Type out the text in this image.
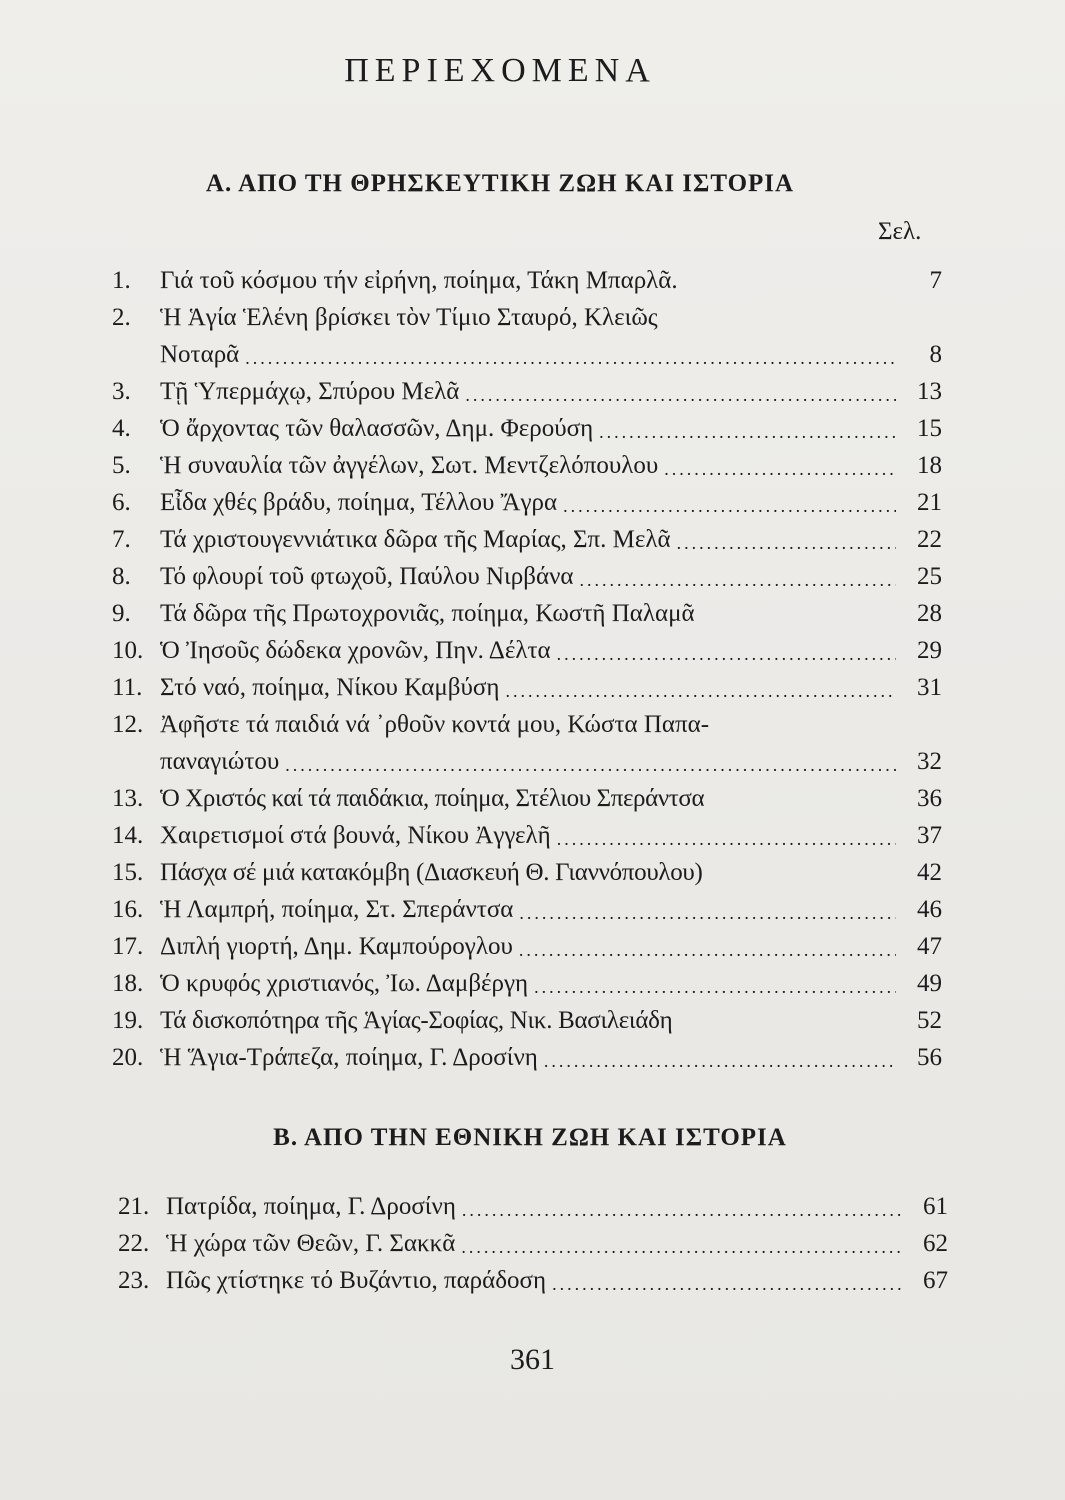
ΠΕΡΙΕΧΟΜΕΝΑ
Α. ΑΠΟ ΤΗ ΘΡΗΣΚΕΥΤΙΚΗ ΖΩΗ ΚΑΙ ΙΣΤΟΡΙΑ
Σελ.
1.	Γιά τοῦ κόσμου τήν εἰρήνη, ποίημα, Τάκη Μπαρλᾶ.	7
2.	Ἡ Ἁγία Ἑλένη βρίσκει τὸν Τίμιο Σταυρό, Κλειῶς
Νοταρᾶ .....	8
3.	Τῇ Ὑπερμάχῳ, Σπύρου Μελᾶ .....	13
4.	Ὁ ἄρχοντας τῶν θαλασσῶν, Δημ. Φερούση .....	15
5.	Ἡ συναυλία τῶν ἀγγέλων, Σωτ. Μεντζελόπουλου .....	18
6.	Εἶδα χθές βράδυ, ποίημα, Τέλλου Ἄγρα .....	21
7.	Τά χριστουγεννιάτικα δῶρα τῆς Μαρίας, Σπ. Μελᾶ .....	22
8.	Τό φλουρί τοῦ φτωχοῦ, Παύλου Νιρβάνα .....	25
9.	Τά δῶρα τῆς Πρωτοχρονιᾶς, ποίημα, Κωστῆ Παλαμᾶ	28
10. Ὁ Ἰησοῦς δώδεκα χρονῶν, Πην. Δέλτα .....	29
11. Στό ναό, ποίημα, Νίκου Καμβύση .....	31
12. Ἀφῆστε τά παιδιά νά ᾽ρθοῦν κοντά μου, Κώστα Παπα-
παναγιώτου .....	32
13. Ὁ Χριστός καί τά παιδάκια, ποίημα, Στέλιου Σπεράντσα	36
14. Χαιρετισμοί στά βουνά, Νίκου Ἀγγελῆ .....	37
15. Πάσχα σέ μιά κατακόμβη (Διασκευή Θ. Γιαννόπουλου)	42
16. Ἡ Λαμπρή, ποίημα, Στ. Σπεράντσα .....	46
17. Διπλή γιορτή, Δημ. Καμπούρογλου .....	47
18. Ὁ κρυφός χριστιανός, Ἰω. Δαμβέργη .....	49
19. Τά δισκοπότηρα τῆς Ἁγίας-Σοφίας, Νικ. Βασιλειάδη	52
20. Ἡ Ἅγια-Τράπεζα, ποίημα, Γ. Δροσίνη .....	56
Β. ΑΠΟ ΤΗΝ ΕΘΝΙΚΗ ΖΩΗ ΚΑΙ ΙΣΤΟΡΙΑ
21. Πατρίδα, ποίημα, Γ. Δροσίνη .....	61
22. Ἡ χώρα τῶν Θεῶν, Γ. Σακκᾶ .....	62
23. Πῶς χτίστηκε τό Βυζάντιο, παράδοση .....	67
361
